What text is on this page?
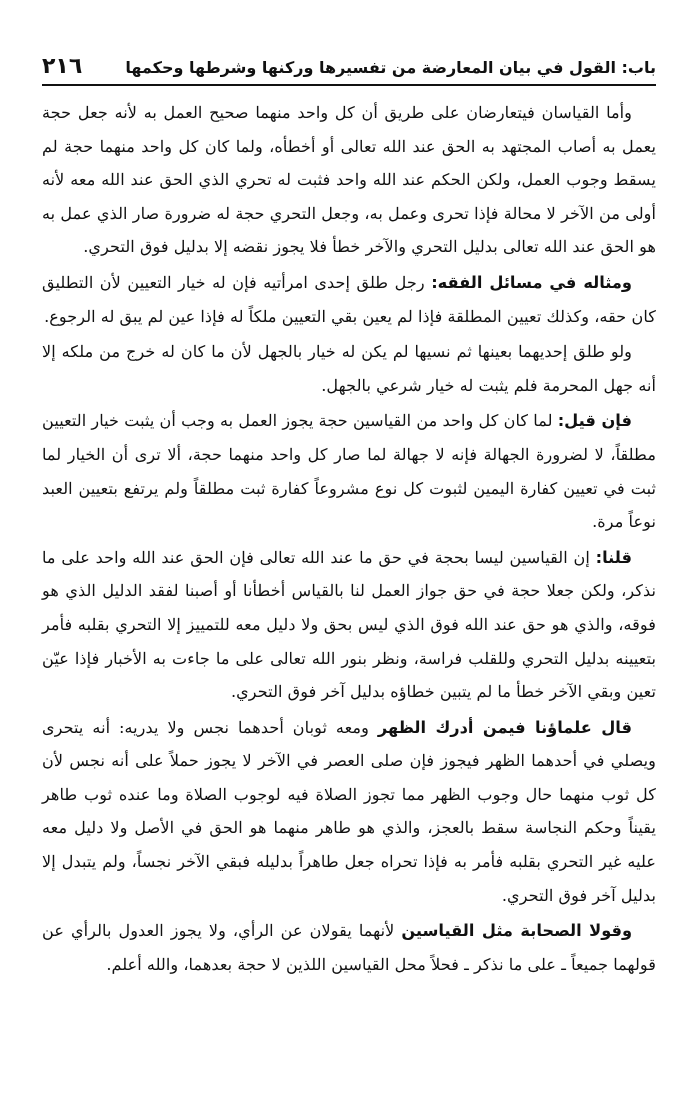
باب: القول في بيان المعارضة من تفسيرها وركنها وشرطها وحكمها
٢١٦

وأما القياسان فيتعارضان على طريق أن كل واحد منهما صحيح العمل به لأنه جعل حجة يعمل به أصاب المجتهد به الحق عند الله تعالى أو أخطأه، ولما كان كل واحد منهما حجة لم يسقط وجوب العمل، ولكن الحكم عند الله واحد فثبت له تحري الذي الحق عند الله معه لأنه أولى من الآخر لا محالة فإذا تحرى وعمل به، وجعل التحري حجة له ضرورة صار الذي عمل به هو الحق عند الله تعالى بدليل التحري والآخر خطأ فلا يجوز نقضه إلا بدليل فوق التحري.

ومثاله في مسائل الفقه: رجل طلق إحدى امرأتيه فإن له خيار التعيين لأن التطليق كان حقه، وكذلك تعيين المطلقة فإذا لم يعين بقي التعيين ملكاً له فإذا عين لم يبق له الرجوع.

ولو طلق إحديهما بعينها ثم نسيها لم يكن له خيار بالجهل لأن ما كان له خرج من ملكه إلا أنه جهل المحرمة فلم يثبت له خيار شرعي بالجهل.

فإن قيل: لما كان كل واحد من القياسين حجة يجوز العمل به وجب أن يثبت خيار التعيين مطلقاً، لا لضرورة الجهالة فإنه لا جهالة لما صار كل واحد منهما حجة، ألا ترى أن الخيار لما ثبت في تعيين كفارة اليمين لثبوت كل نوع مشروعاً كفارة ثبت مطلقاً ولم يرتفع بتعيين العبد نوعاً مرة.

قلنا: إن القياسين ليسا بحجة في حق ما عند الله تعالى فإن الحق عند الله واحد على ما نذكر، ولكن جعلا حجة في حق جواز العمل لنا بالقياس أخطأنا أو أصبنا لفقد الدليل الذي هو فوقه، والذي هو حق عند الله فوق الذي ليس بحق ولا دليل معه للتمييز إلا التحري بقلبه فأمر بتعيينه بدليل التحري وللقلب فراسة، ونظر بنور الله تعالى على ما جاءت به الأخبار فإذا عيّن تعين وبقي الآخر خطأ ما لم يتبين خطاؤه بدليل آخر فوق التحري.

قال علماؤنا فيمن أدرك الظهر ومعه ثوبان أحدهما نجس ولا يدريه: أنه يتحرى ويصلي في أحدهما الظهر فيجوز فإن صلى العصر في الآخر لا يجوز حملاً على أنه نجس لأن كل ثوب منهما حال وجوب الظهر مما تجوز الصلاة فيه لوجوب الصلاة وما عنده ثوب طاهر يقيناً وحكم النجاسة سقط بالعجز، والذي هو طاهر منهما هو الحق في الأصل ولا دليل معه عليه غير التحري بقلبه فأمر به فإذا تحراه جعل طاهراً بدليله فبقي الآخر نجساً، ولم يتبدل إلا بدليل آخر فوق التحري.

وقولا الصحابة مثل القياسين لأنهما يقولان عن الرأي، ولا يجوز العدول بالرأي عن قولهما جميعاً ـ على ما نذكر ـ فحلاً محل القياسين اللذين لا حجة بعدهما، والله أعلم.
